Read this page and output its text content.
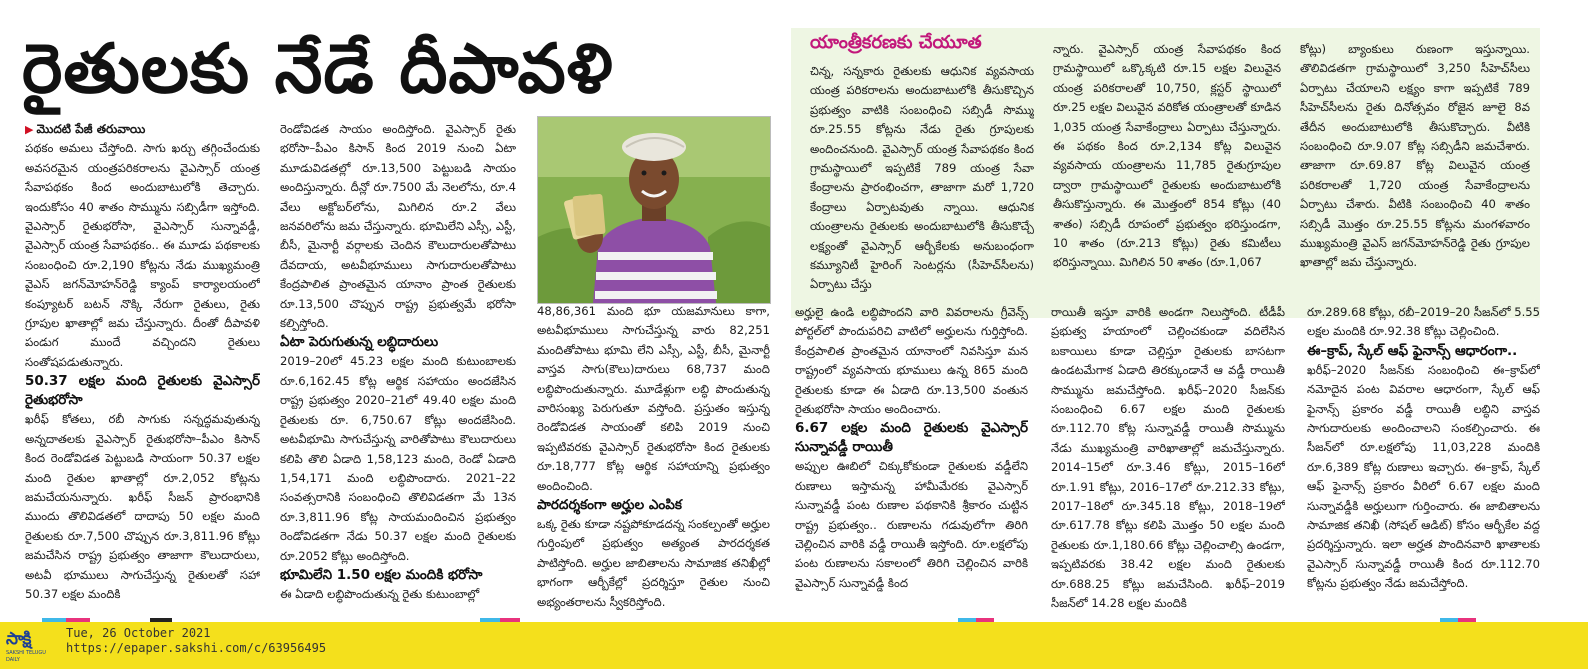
రైతులకు నేడే దీపావళి
▶ మొదటి పేజీ తరువాయి

పథకం అమలు చేస్తోంది. సాగు ఖర్చు తగ్గించేందుకు అవసరమైన యంత్రపరికరాలను వైఎస్సార్ యంత్ర సేవాపథకం కింద అందుబాటులోకి తెచ్చారు. ఇందుకోసం 40 శాతం సొమ్మును సబ్సిడీగా ఇస్తోంది. వైఎస్సార్ రైతుభరోసా, వైఎస్సార్ సున్నావడ్డీ, వైఎస్సార్ యంత్ర సేవాపథకం.. ఈ మూడు పథకాలకు సంబంధించి రూ.2,190 కోట్లను నేడు ముఖ్యమంత్రి వైఎస్ జగన్‌మోహన్‌రెడ్డి క్యాంప్ కార్యాలయంలో కంప్యూటర్ బటన్ నొక్కి నేరుగా రైతులు, రైతు గ్రూపుల ఖాతాల్లో జమ చేస్తున్నారు. దీంతో దీపావళి పండుగ ముందే వచ్చిందని రైతులు సంతోషపడుతున్నారు.

50.37 లక్షల మంది రైతులకు వైఎస్సార్ రైతుభరోసా

ఖరీఫ్ కోతలు, రబీ సాగుకు సన్నద్ధమవుతున్న అన్నదాతలకు వైఎస్సార్ రైతుభరోసా–పీఎం కిసాన్ కింద రెండోవిడత పెట్టుబడి సాయంగా 50.37 లక్షల మంది రైతుల ఖాతాల్లో రూ.2,052 కోట్లను జమచేయనున్నారు. ఖరీఫ్ సీజన్ ప్రారంభానికి ముందు తొలివిడతలో దాదాపు 50 లక్షల మంది రైతులకు రూ.7,500 చొప్పున రూ.3,811.96 కోట్లు జమచేసిన రాష్ట్ర ప్రభుత్వం తాజాగా కౌలుదారులు, అటవీ భూములు సాగుచేస్తున్న రైతులతో సహా 50.37 లక్షల మందికి

రెండోవిడత సాయం అందిస్తోంది. వైఎస్సార్ రైతు భరోసా–పీఎం కిసాన్ కింద 2019 నుంచి ఏటా మూడువిడతల్లో రూ.13,500 పెట్టుబడి సాయం అందిస్తున్నారు. దీన్లో రూ.7500 మే నెలలోను, రూ.4 వేలు అక్టోబర్‌లోను, మిగిలిన రూ.2 వేలు జనవరిలోను జమ చేస్తున్నారు. భూమిలేని ఎస్సీ, ఎస్టీ, బీసీ, మైనార్టీ వర్గాలకు చెందిన కౌలుదారులతోపాటు దేవదాయ, అటవీభూములు సాగుదారులతోపాటు కేంద్రపాలిత ప్రాంతమైన యానాం ప్రాంత రైతులకు రూ.13,500 చొప్పున రాష్ట్ర ప్రభుత్వమే భరోసా కల్పిస్తోంది.

ఏటా పెరుగుతున్న లబ్ధిదారులు

2019–20లో 45.23 లక్షల మంది కుటుంబాలకు రూ.6,162.45 కోట్ల ఆర్థిక సహాయం అందజేసిన రాష్ట్ర ప్రభుత్వం 2020–21లో 49.40 లక్షల మంది రైతులకు రూ. 6,750.67 కోట్లు అందజేసింది. అటవీభూమి సాగుచేస్తున్న వారితోపాటు కౌలుదారులు కలిపి తొలి ఏడాది 1,58,123 మంది, రెండో ఏడాది 1,54,171 మంది లబ్ధిపొందారు. 2021–22 సంవత్సరానికి సంబంధించి తొలివిడతగా మే 13న రూ.3,811.96 కోట్ల సాయమందించిన ప్రభుత్వం రెండోవిడతగా నేడు 50.37 లక్షల మంది రైతులకు రూ.2052 కోట్లు అందిస్తోంది.

భూమిలేని 1.50 లక్షల మందికి భరోసా

ఈ ఏడాది లబ్ధిపొందుతున్న రైతు కుటుంబాల్లో

48,86,361 మంది భూ యజమానులు కాగా, అటవీభూములు సాగుచేస్తున్న వారు 82,251 మందితోపాటు భూమి లేని ఎస్సీ, ఎస్టీ, బీసీ, మైనార్టీ వాస్తవ సాగు(కౌలు)దారులు 68,737 మంది లబ్ధిపొందుతున్నారు. మూడేళ్లుగా లబ్ధి పొందుతున్న వారిసంఖ్య పెరుగుతూ వస్తోంది. ప్రస్తుతం ఇస్తున్న రెండోవిడత సాయంతో కలిపి 2019 నుంచి ఇప్పటివరకు వైఎస్సార్ రైతుభరోసా కింద రైతులకు రూ.18,777 కోట్ల ఆర్థిక సహాయాన్ని ప్రభుత్వం అందించింది.

పారదర్శకంగా అర్హుల ఎంపిక

ఒక్క రైతు కూడా నష్టపోకూడదన్న సంకల్పంతో అర్హుల గుర్తింపులో ప్రభుత్వం అత్యంత పారదర్శకత పాటిస్తోంది. అర్హుల జాబితాలను సామాజిక తనిఖీల్లో భాగంగా ఆర్బీకేల్లో ప్రదర్శిస్తూ రైతుల నుంచి అభ్యంతరాలను స్వీకరిస్తోంది.

యాంత్రీకరణకు చేయూత

చిన్న, సన్నకారు రైతులకు ఆధునిక వ్యవసాయ యంత్ర పరికరాలను అందుబాటులోకి తీసుకొచ్చిన ప్రభుత్వం వాటికి సంబంధించి సబ్సిడీ సొమ్ము రూ.25.55 కోట్లను నేడు రైతు గ్రూపులకు అందించనుంది. వైఎస్సార్ యంత్ర సేవాపథకం కింద గ్రామస్థాయిలో ఇప్పటికే 789 యంత్ర సేవా కేంద్రాలను ప్రారంభించగా, తాజాగా మరో 1,720 కేంద్రాలు ఏర్పాటవుతు న్నాయి. ఆధునిక యంత్రాలను రైతులకు అందుబాటులోకి తీసుకొచ్చే లక్ష్యంతో వైఎస్సార్ ఆర్బీకేలకు అనుబంధంగా కమ్యూనిటీ హైరింగ్ సెంటర్లను (సీహెచ్‌సీలను) ఏర్పాటు చేస్తు

న్నారు. వైఎస్సార్ యంత్ర సేవాపథకం కింద గ్రామస్థాయిలో ఒక్కొక్కటి రూ.15 లక్షల విలువైన యంత్ర పరికరాలతో 10,750, క్లస్టర్ స్థాయిలో రూ.25 లక్షల విలువైన వరికోత యంత్రాలతో కూడిన 1,035 యంత్ర సేవాకేంద్రాలు ఏర్పాటు చేస్తున్నారు. ఈ పథకం కింద రూ.2,134 కోట్ల విలువైన వ్యవసాయ యంత్రాలను 11,785 రైతుగ్రూపుల ద్వారా గ్రామస్థాయిలో రైతులకు అందుబాటులోకి తీసుకొస్తున్నారు. ఈ మొత్తంలో 854 కోట్లు (40 శాతం) సబ్సిడీ రూపంలో ప్రభుత్వం భరిస్తుండగా, 10 శాతం (రూ.213 కోట్లు) రైతు కమిటీలు భరిస్తున్నాయి. మిగిలిన 50 శాతం (రూ.1,067

కోట్లు) బ్యాంకులు రుణంగా ఇస్తున్నాయి. తొలివిడతగా గ్రామస్థాయిలో 3,250 సీహెచ్‌సీలు ఏర్పాటు చేయాలని లక్ష్యం కాగా ఇప్పటికే 789 సీహెచ్‌సీలను రైతు దినోత్సవం రోజైన జూలై 8వ తేదీన అందుబాటులోకి తీసుకొచ్చారు. వీటికి సంబంధించి రూ.9.07 కోట్ల సబ్సిడీని జమచేశారు. తాజాగా రూ.69.87 కోట్ల విలువైన యంత్ర పరికరాలతో 1,720 యంత్ర సేవాకేంద్రాలను ఏర్పాటు చేశారు. వీటికి సంబంధించి 40 శాతం సబ్సిడీ మొత్తం రూ.25.55 కోట్లను మంగళవారం ముఖ్యమంత్రి వైఎస్ జగన్‌మోహన్‌రెడ్డి రైతు గ్రూపుల ఖాతాల్లో జమ చేస్తున్నారు.

అర్హులై ఉండి లబ్ధిపొందని వారి వివరాలను గ్రీవెన్స్ పోర్టల్‌లో పొందుపరిచి వాటిలో అర్హులను గుర్తిస్తోంది. కేంద్రపాలిత ప్రాంతమైన యానాంలో నివసిస్తూ మన రాష్ట్రంలో వ్యవసాయ భూములు ఉన్న 865 మంది రైతులకు కూడా ఈ ఏడాది రూ.13,500 వంతున రైతుభరోసా సాయం అందించారు.

6.67 లక్షల మంది రైతులకు వైఎస్సార్ సున్నావడ్డీ రాయితీ

అప్పుల ఊబిలో చిక్కుకోకుండా రైతులకు వడ్డీలేని రుణాలు ఇస్తామన్న హామీమేరకు వైఎస్సార్ సున్నావడ్డీ పంట రుణాల పథకానికి శ్రీకారం చుట్టిన రాష్ట్ర ప్రభుత్వం.. రుణాలను గడువులోగా తిరిగి చెల్లించిన వారికి వడ్డీ రాయితీ ఇస్తోంది. రూ.లక్షలోపు పంట రుణాలను సకాలంలో తిరిగి చెల్లించిన వారికి వైఎస్సార్ సున్నావడ్డీ కింద

రాయితీ ఇస్తూ వారికి అండగా నిలుస్తోంది. టీడీపీ ప్రభుత్వ హయాంలో చెల్లించకుండా వదిలేసిన బకాయిలు కూడా చెల్లిస్తూ రైతులకు బాసటగా ఉండటమేగాక ఏడాది తిరక్కుండానే ఆ వడ్డీ రాయితీ సొమ్మును జమచేస్తోంది. ఖరీఫ్–2020 సీజన్‌కు సంబంధించి 6.67 లక్షల మంది రైతులకు రూ.112.70 కోట్ల సున్నావడ్డీ రాయితీ సొమ్మును నేడు ముఖ్యమంత్రి వారిఖాతాల్లో జమచేస్తున్నారు. 2014–15లో రూ.3.46 కోట్లు, 2015–16లో రూ.1.91 కోట్లు, 2016–17లో రూ.212.33 కోట్లు, 2017–18లో రూ.345.18 కోట్లు, 2018–19లో రూ.617.78 కోట్లు కలిపి మొత్తం 50 లక్షల మంది రైతులకు రూ.1,180.66 కోట్లు చెల్లించాల్సి ఉండగా, ఇప్పటివరకు 38.42 లక్షల మంది రైతులకు రూ.688.25 కోట్లు జమచేసింది. ఖరీఫ్–2019 సీజన్‌లో 14.28 లక్షల మందికి

రూ.289.68 కోట్లు, రబీ–2019–20 సీజన్‌లో 5.55 లక్షల మందికి రూ.92.38 కోట్లు చెల్లించింది.

ఈ–క్రాప్, స్కేల్ ఆఫ్ ఫైనాన్స్ ఆధారంగా..

ఖరీఫ్–2020 సీజన్‌కు సంబంధించి ఈ–క్రాప్‌లో నమోదైన పంట వివరాల ఆధారంగా, స్కేల్ ఆఫ్ ఫైనాన్స్ ప్రకారం వడ్డీ రాయితీ లబ్ధిని వాస్తవ సాగుదారులకు అందించాలని సంకల్పించారు. ఈ సీజన్‌లో రూ.లక్షలోపు 11,03,228 మందికి రూ.6,389 కోట్ల రుణాలు ఇచ్చారు. ఈ–క్రాప్, స్కేల్ ఆఫ్ ఫైనాన్స్ ప్రకారం వీరిలో 6.67 లక్షల మంది సున్నావడ్డీకి అర్హులుగా గుర్తించారు. ఈ జాబితాలను సామాజిక తనిఖీ (సోషల్ ఆడిట్) కోసం ఆర్బీకేల వద్ద ప్రదర్శిస్తున్నారు. ఇలా అర్హత పొందినవారి ఖాతాలకు వైఎస్సార్ సున్నావడ్డీ రాయితీ కింద రూ.112.70 కోట్లను ప్రభుత్వం నేడు జమచేస్తోంది.

సాక్షి
SAKSHI TELUGU DAILY
Tue, 26 October 2021
https://epaper.sakshi.com/c/63956495
